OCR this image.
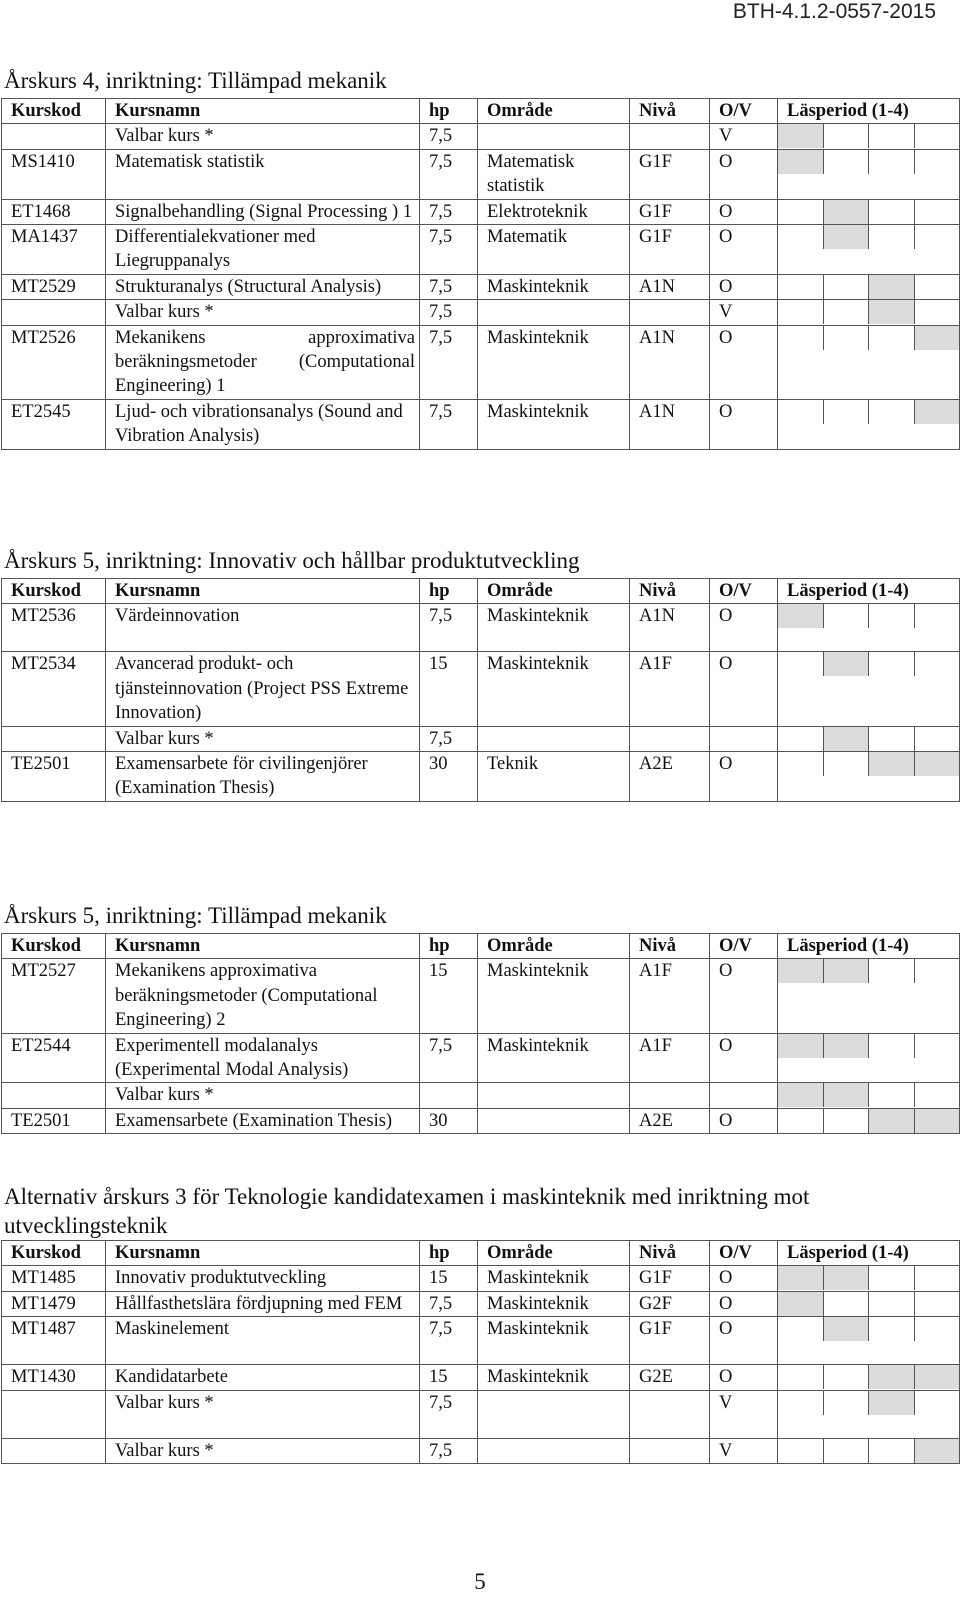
BTH-4.1.2-0557-2015
Årskurs 4, inriktning: Tillämpad mekanik
Kurskod	Kursnamn	hp	Område	Nivå	O/V	Läsperiod (1-4)
	Valbar kurs *	7,5			V	

MS1410	Matematisk statistik	7,5	Matematisk statistik	G1F	O	

ET1468	Signalbehandling (Signal Processing ) 1	7,5	Elektroteknik	G1F	O	

MA1437	Differentialekvationer med Liegruppanalys	7,5	Matematik	G1F	O	

MT2529	Strukturanalys (Structural Analysis)	7,5	Maskinteknik	A1N	O	

	Valbar kurs *	7,5			V	

MT2526	Mekanikens approximativa beräkningsmetoder (Computational Engineering) 1	7,5	Maskinteknik	A1N	O	

ET2545	Ljud- och vibrationsanalys (Sound and Vibration Analysis)	7,5	Maskinteknik	A1N	O	
Årskurs 5, inriktning: Innovativ och hållbar produktutveckling
Kurskod	Kursnamn	hp	Område	Nivå	O/V	Läsperiod (1-4)
MT2536	Värdeinnovation	7,5	Maskinteknik	A1N	O	

MT2534	Avancerad produkt- och tjänsteinnovation (Project PSS Extreme Innovation)	15	Maskinteknik	A1F	O	

	Valbar kurs *	7,5				

TE2501	Examensarbete för civilingenjörer (Examination Thesis)	30	Teknik	A2E	O	
Årskurs 5, inriktning: Tillämpad mekanik
Kurskod	Kursnamn	hp	Område	Nivå	O/V	Läsperiod (1-4)
MT2527	Mekanikens approximativa beräkningsmetoder (Computational Engineering) 2	15	Maskinteknik	A1F	O	

ET2544	Experimentell modalanalys (Experimental Modal Analysis)	7,5	Maskinteknik	A1F	O	

	Valbar kurs *					

TE2501	Examensarbete (Examination Thesis)	30		A2E	O	
Alternativ årskurs 3 för Teknologie kandidatexamen i maskinteknik med inriktning mot utvecklingsteknik
Kurskod	Kursnamn	hp	Område	Nivå	O/V	Läsperiod (1-4)
MT1485	Innovativ produktutveckling	15	Maskinteknik	G1F	O	

MT1479	Hållfasthetslära fördjupning med FEM	7,5	Maskinteknik	G2F	O	

MT1487	Maskinelement	7,5	Maskinteknik	G1F	O	

MT1430	Kandidatarbete	15	Maskinteknik	G2E	O	

	Valbar kurs *	7,5			V	

	Valbar kurs *	7,5			V	
5
